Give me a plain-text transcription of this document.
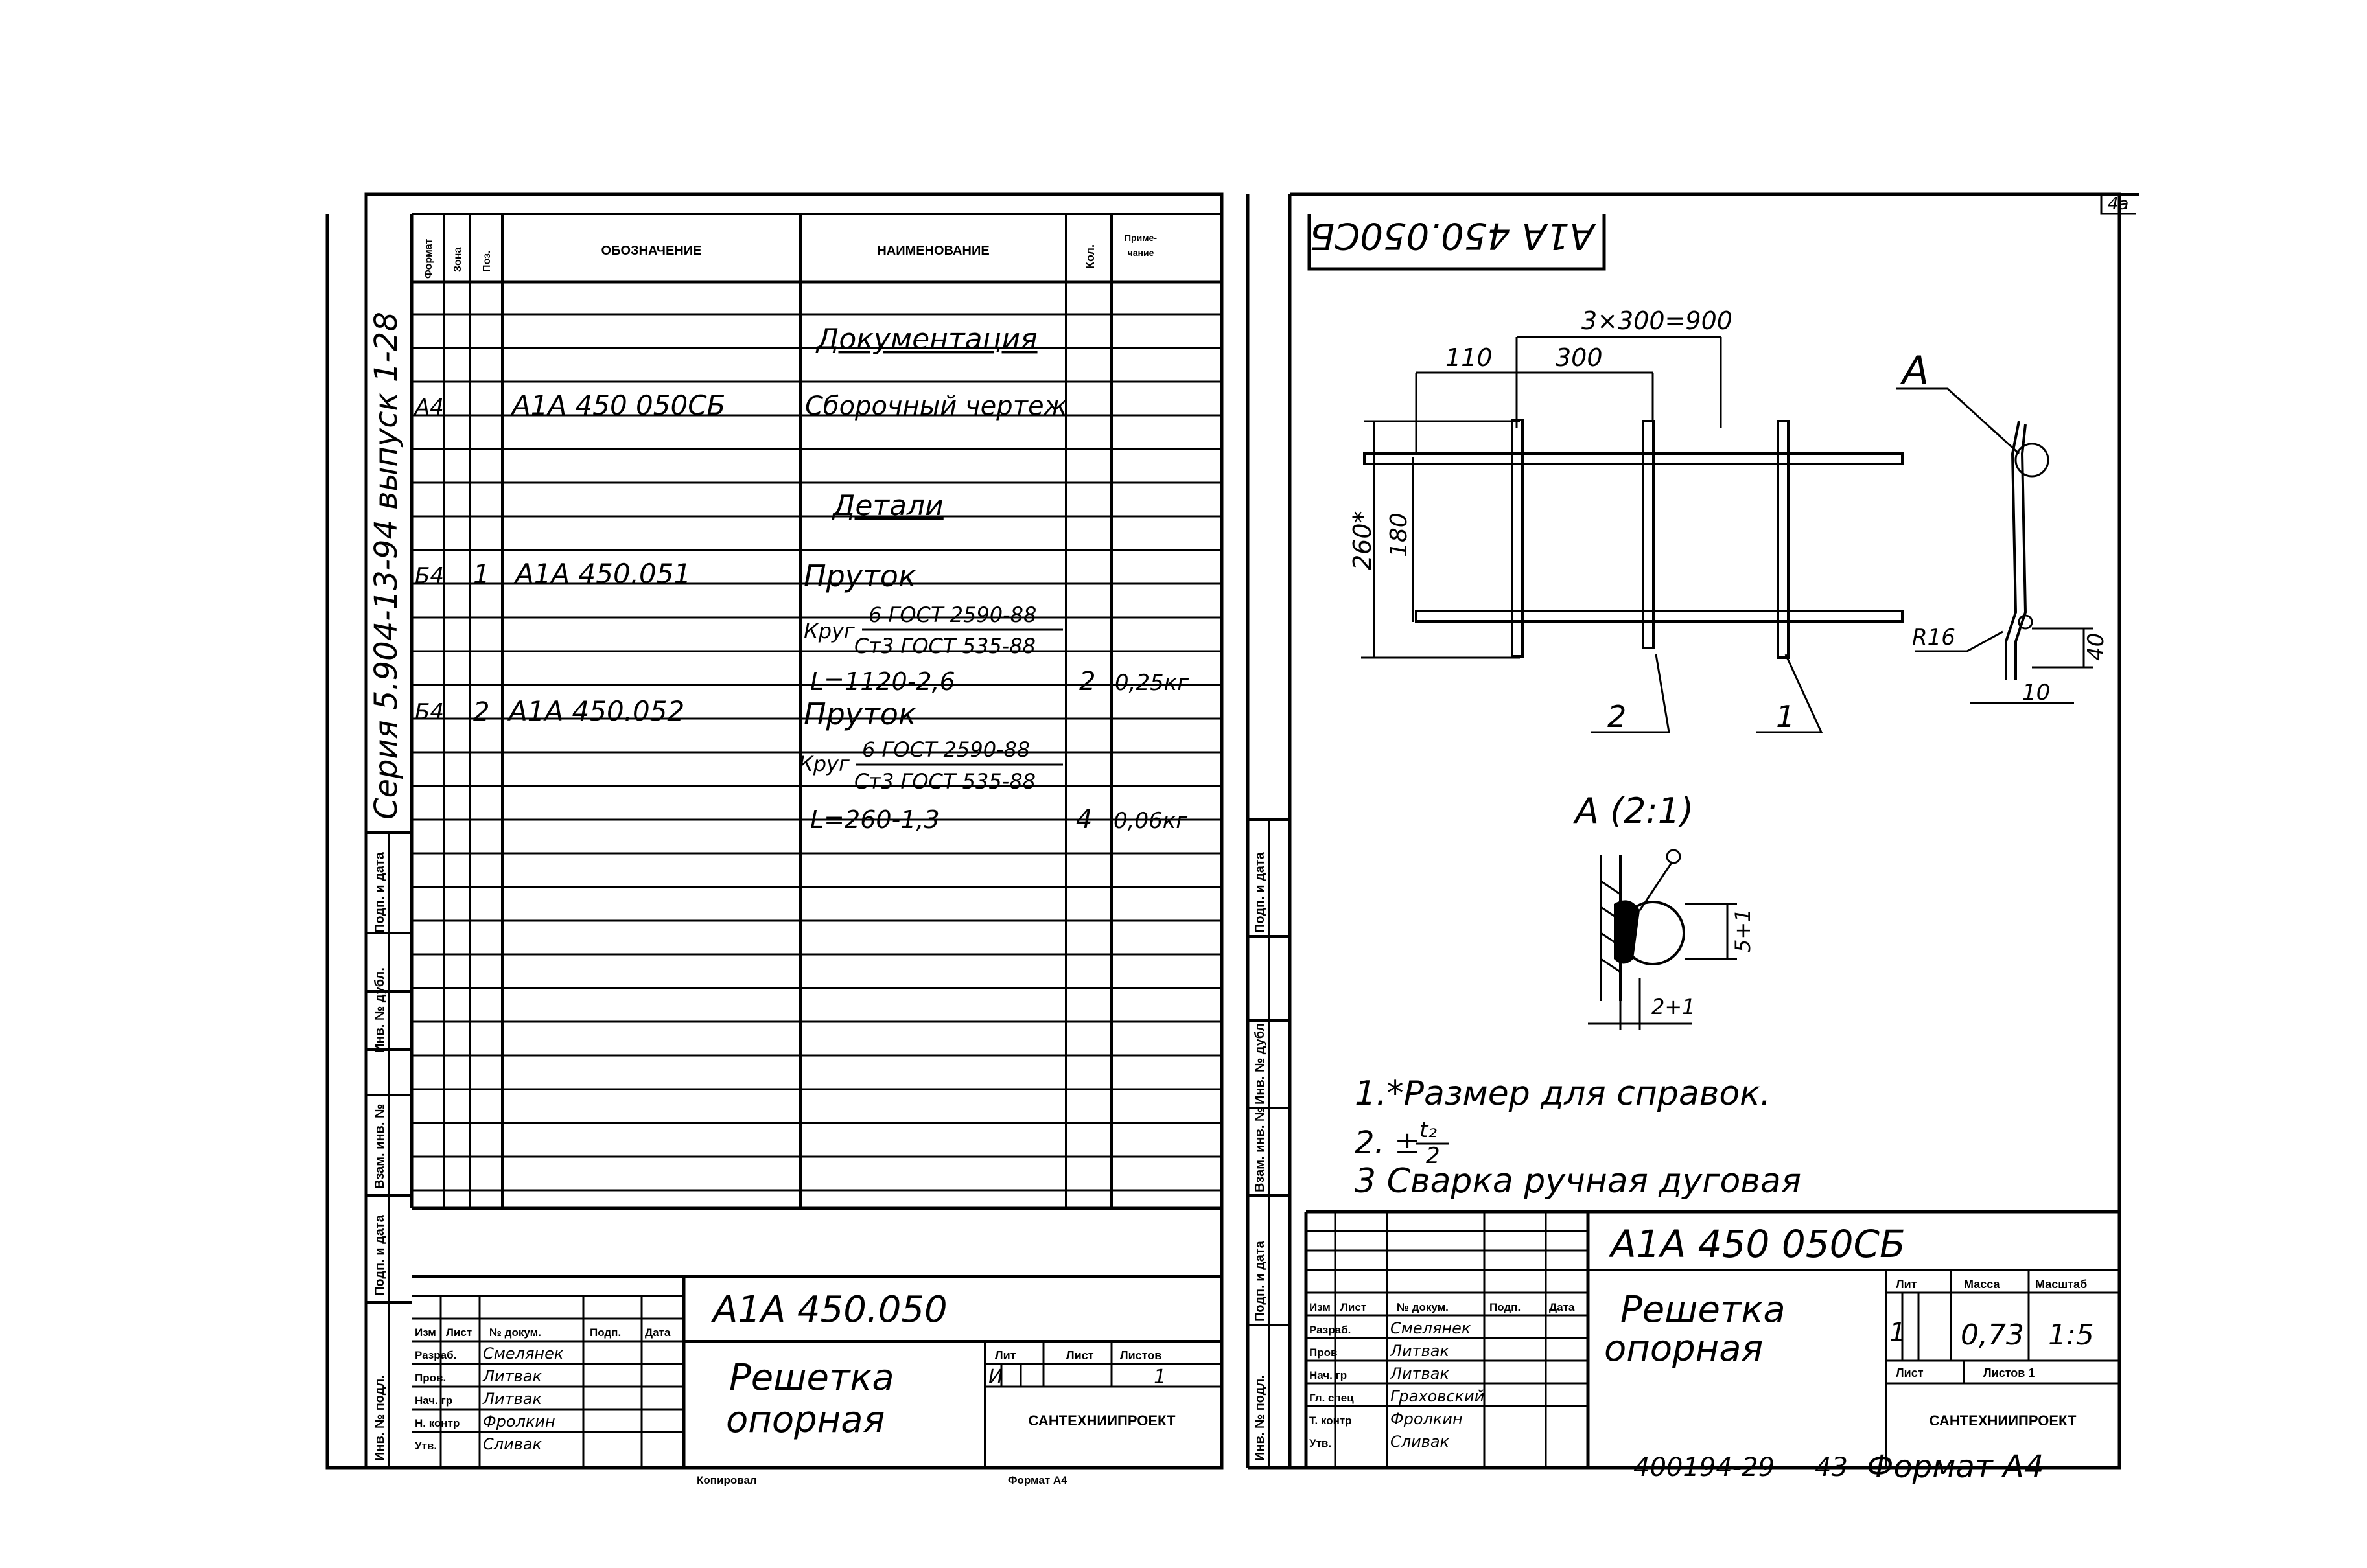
Формат Зона Поз.	ОБОЗНАЧЕНИЕ	НАИМЕНОВАНИЕ	Кол.
Приме-
чание
Серия 5.904-13-94 выпуск 1-28	Документация
А4	А1А 450 050СБ	Сборочный чертеж
Детали
Б4 1 А1А 450.051	Пруток
Круг
6 ГОСТ 2590-88
Ст3 ГОСТ 535-88
L=1120-2,6	2 0,25кг
Б4 2 А1А 450.052	Пруток
Круг
6 ГОСТ 2590-88
Ст3 ГОСТ 535-88
L=260-1,3	4 0,06кг
Подп. и дата
Инв. № дубл.
Взам. инв. №
Подп. и дата
Инв. № подл.
Изм Лист № докум.	Подп. Дата
Разраб. Смелянек
Пров. Литвак
Нач. гр Литвак
Н. контр Фролкин
Утв.	Сливак
А1А 450.050
Решетка
опорная
Лит	Лист Листов
И	1
САНТЕХНИИПРОЕКТ
Копировал	Формат А4
4а
А1А 450.050СБ
3×300=900
110	300
260* 180
2	1
А
R16	40
10
А (2:1)
5+1
2+1
1.*Размер для справок.
2. ±
t₂
2
3 Сварка ручная дуговая
Подп. и дата
Инв. № дубл.
Взам. инв. №
Подп. и дата
Инв. № подл.
Изм Лист	№ докум.	Подп.	Дата
Разраб.	Смелянек
Пров	Литвак
Нач. гр	Литвак
Гл. спец Граховский
Т. контр Фролкин
Утв.	Сливак
А1А 450 050СБ
Решетка
опорная
Лит	Масса	Масштаб
1 0,73 1:5
Лист	Листов 1
САНТЕХНИИПРОЕКТ
400194-29 43 Формат А4
